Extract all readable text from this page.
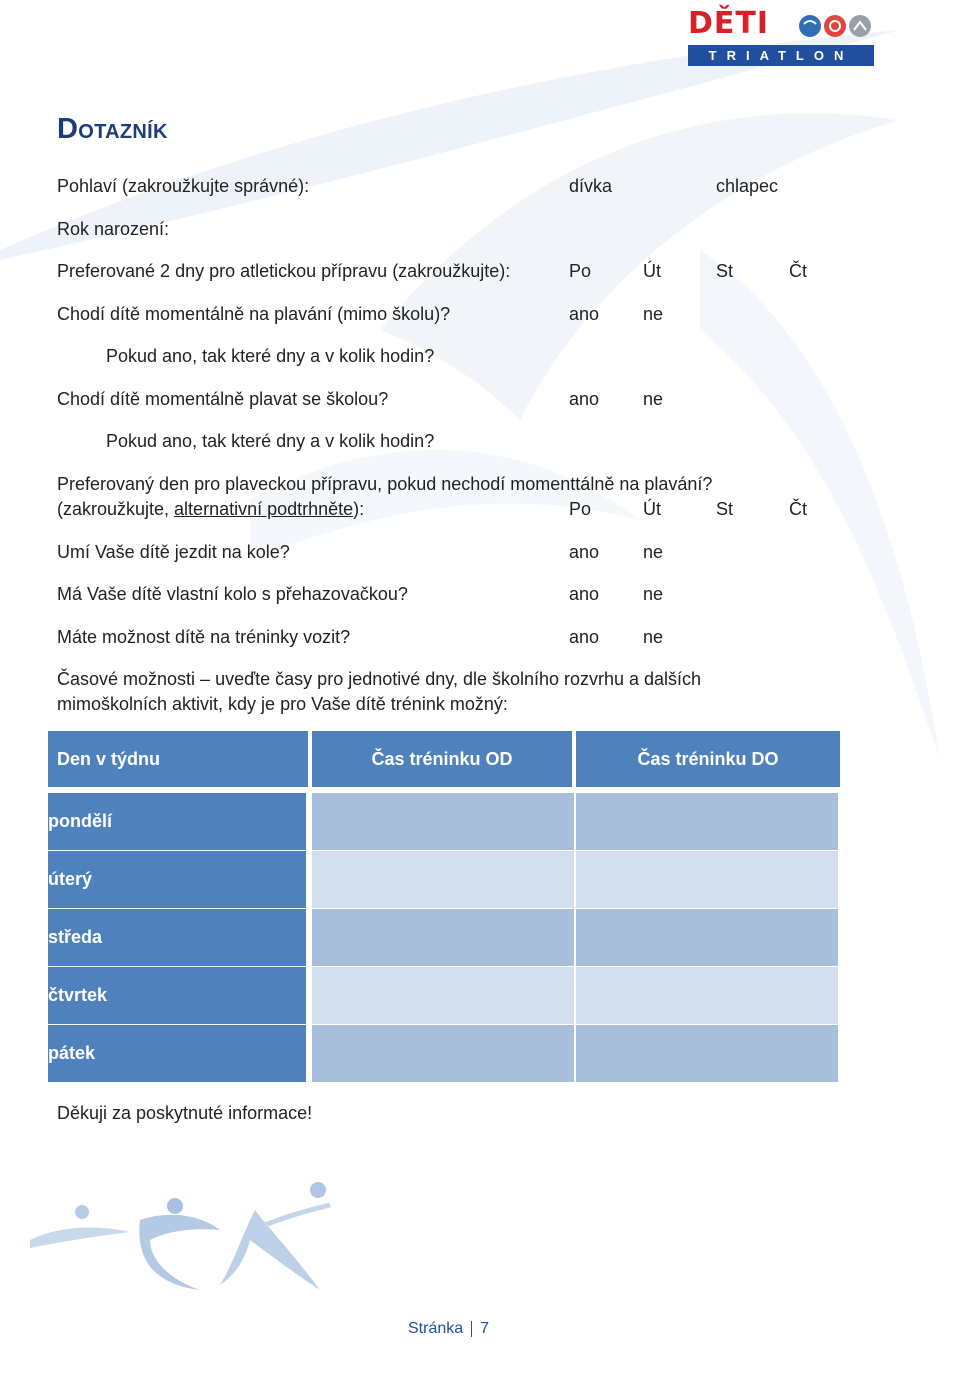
DĚTI
TRIATLON
Dotazník
Pohlaví (zakroužkujte správné):	dívka	chlapec
Rok narození:
Preferované 2 dny pro atletickou přípravu (zakroužkujte):	Po	Út	St	Čt
Chodí dítě momentálně na plavání (mimo školu)?	ano ne
Pokud ano, tak které dny a v kolik hodin?
Chodí dítě momentálně plavat se školou?	ano ne
Pokud ano, tak které dny a v kolik hodin?
Preferovaný den pro plaveckou přípravu, pokud nechodí momenttálně na plavání?
(zakroužkujte, alternativní podtrhněte):	Po	Út	St	Čt
Umí Vaše dítě jezdit na kole?	ano ne
Má Vaše dítě vlastní kolo s přehazovačkou?	ano ne
Máte možnost dítě na tréninky vozit?	ano ne
Časové možnosti – uveďte časy pro jednotivé dny, dle školního rozvrhu a dalších
mimoškolních aktivit, kdy je pro Vaše dítě trénink možný:
Den v týdnu	Čas tréninku OD	Čas tréninku DO
pondělí		
úterý		
středa		
čtvrtek		
pátek		
Děkuji za poskytnuté informace!
Stránka 7
